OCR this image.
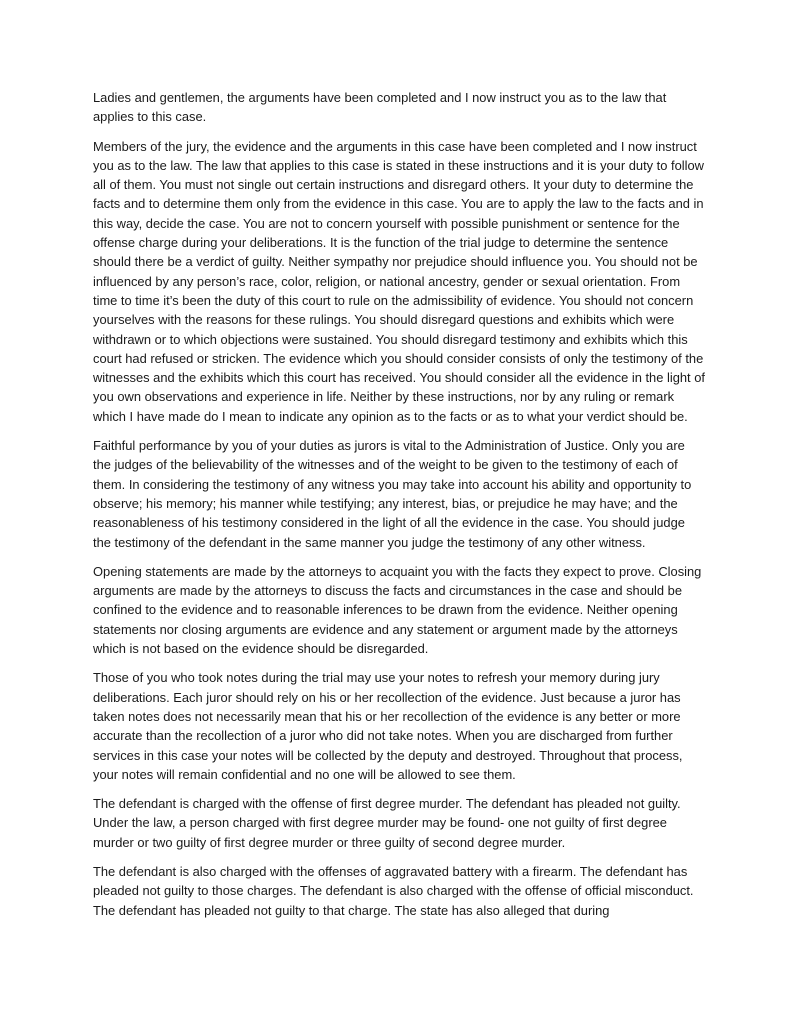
Ladies and gentlemen, the arguments have been completed and I now instruct you as to the law that applies to this case.

Members of the jury, the evidence and the arguments in this case have been completed and I now instruct you as to the law. The law that applies to this case is stated in these instructions and it is your duty to follow all of them. You must not single out certain instructions and disregard others. It your duty to determine the facts and to determine them only from the evidence in this case. You are to apply the law to the facts and in this way, decide the case. You are not to concern yourself with possible punishment or sentence for the offense charge during your deliberations. It is the function of the trial judge to determine the sentence should there be a verdict of guilty. Neither sympathy nor prejudice should influence you. You should not be influenced by any person’s race, color, religion, or national ancestry, gender or sexual orientation. From time to time it’s been the duty of this court to rule on the admissibility of evidence. You should not concern yourselves with the reasons for these rulings. You should disregard questions and exhibits which were withdrawn or to which objections were sustained. You should disregard testimony and exhibits which this court had refused or stricken. The evidence which you should consider consists of only the testimony of the witnesses and the exhibits which this court has received. You should consider all the evidence in the light of you own observations and experience in life. Neither by these instructions, nor by any ruling or remark which I have made do I mean to indicate any opinion as to the facts or as to what your verdict should be.

Faithful performance by you of your duties as jurors is vital to the Administration of Justice. Only you are the judges of the believability of the witnesses and of the weight to be given to the testimony of each of them. In considering the testimony of any witness you may take into account his ability and opportunity to observe; his memory; his manner while testifying; any interest, bias, or prejudice he may have; and the reasonableness of his testimony considered in the light of all the evidence in the case. You should judge the testimony of the defendant in the same manner you judge the testimony of any other witness.

Opening statements are made by the attorneys to acquaint you with the facts they expect to prove. Closing arguments are made by the attorneys to discuss the facts and circumstances in the case and should be confined to the evidence and to reasonable inferences to be drawn from the evidence. Neither opening statements nor closing arguments are evidence and any statement or argument made by the attorneys which is not based on the evidence should be disregarded.

Those of you who took notes during the trial may use your notes to refresh your memory during jury deliberations. Each juror should rely on his or her recollection of the evidence. Just because a juror has taken notes does not necessarily mean that his or her recollection of the evidence is any better or more accurate than the recollection of a juror who did not take notes. When you are discharged from further services in this case your notes will be collected by the deputy and destroyed. Throughout that process, your notes will remain confidential and no one will be allowed to see them.

The defendant is charged with the offense of first degree murder. The defendant has pleaded not guilty. Under the law, a person charged with first degree murder may be found- one not guilty of first degree murder or two guilty of first degree murder or three guilty of second degree murder.

The defendant is also charged with the offenses of aggravated battery with a firearm. The defendant has pleaded not guilty to those charges. The defendant is also charged with the offense of official misconduct. The defendant has pleaded not guilty to that charge. The state has also alleged that during
